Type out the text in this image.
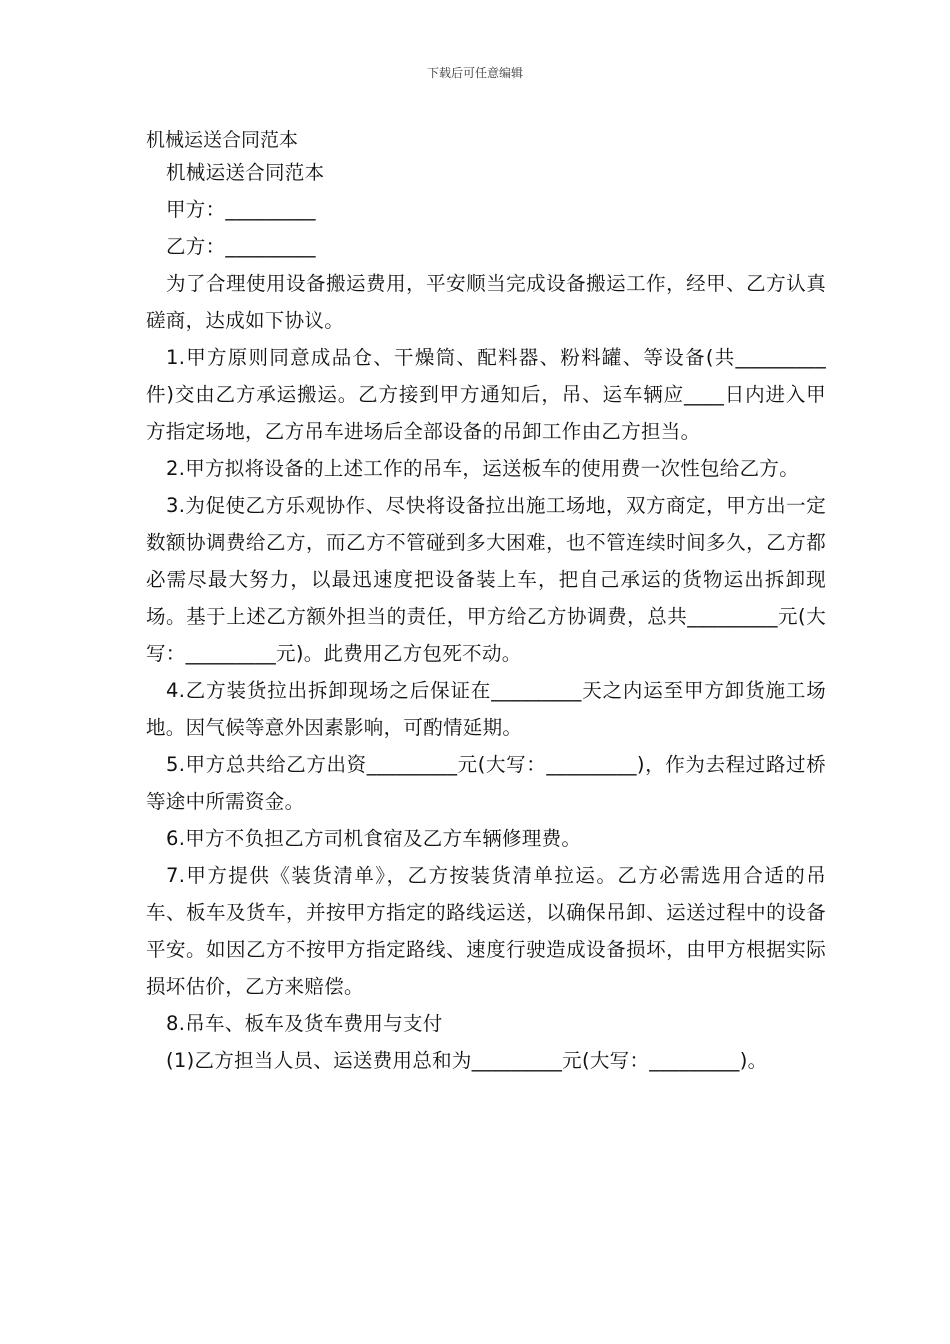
下载后可任意编辑
机械运送合同范本

机械运送合同范本

甲方：_________

乙方：_________

为了合理使用设备搬运费用，平安顺当完成设备搬运工作，经甲、乙方认真磋商，达成如下协议。

1.甲方原则同意成品仓、干燥筒、配料器、粉料罐、等设备(共_________件)交由乙方承运搬运。乙方接到甲方通知后，吊、运车辆应____日内进入甲方指定场地，乙方吊车进场后全部设备的吊卸工作由乙方担当。

2.甲方拟将设备的上述工作的吊车，运送板车的使用费一次性包给乙方。

3.为促使乙方乐观协作、尽快将设备拉出施工场地，双方商定，甲方出一定数额协调费给乙方，而乙方不管碰到多大困难，也不管连续时间多久，乙方都必需尽最大努力，以最迅速度把设备装上车，把自己承运的货物运出拆卸现场。基于上述乙方额外担当的责任，甲方给乙方协调费，总共_________元(大写：_________元)。此费用乙方包死不动。

4.乙方装货拉出拆卸现场之后保证在_________天之内运至甲方卸货施工场地。因气候等意外因素影响，可酌情延期。

5.甲方总共给乙方出资_________元(大写：_________)，作为去程过路过桥等途中所需资金。

6.甲方不负担乙方司机食宿及乙方车辆修理费。

7.甲方提供《装货清单》，乙方按装货清单拉运。乙方必需选用合适的吊车、板车及货车，并按甲方指定的路线运送，以确保吊卸、运送过程中的设备平安。如因乙方不按甲方指定路线、速度行驶造成设备损坏，由甲方根据实际损坏估价，乙方来赔偿。

8.吊车、板车及货车费用与支付

(1)乙方担当人员、运送费用总和为_________元(大写：_________)。
